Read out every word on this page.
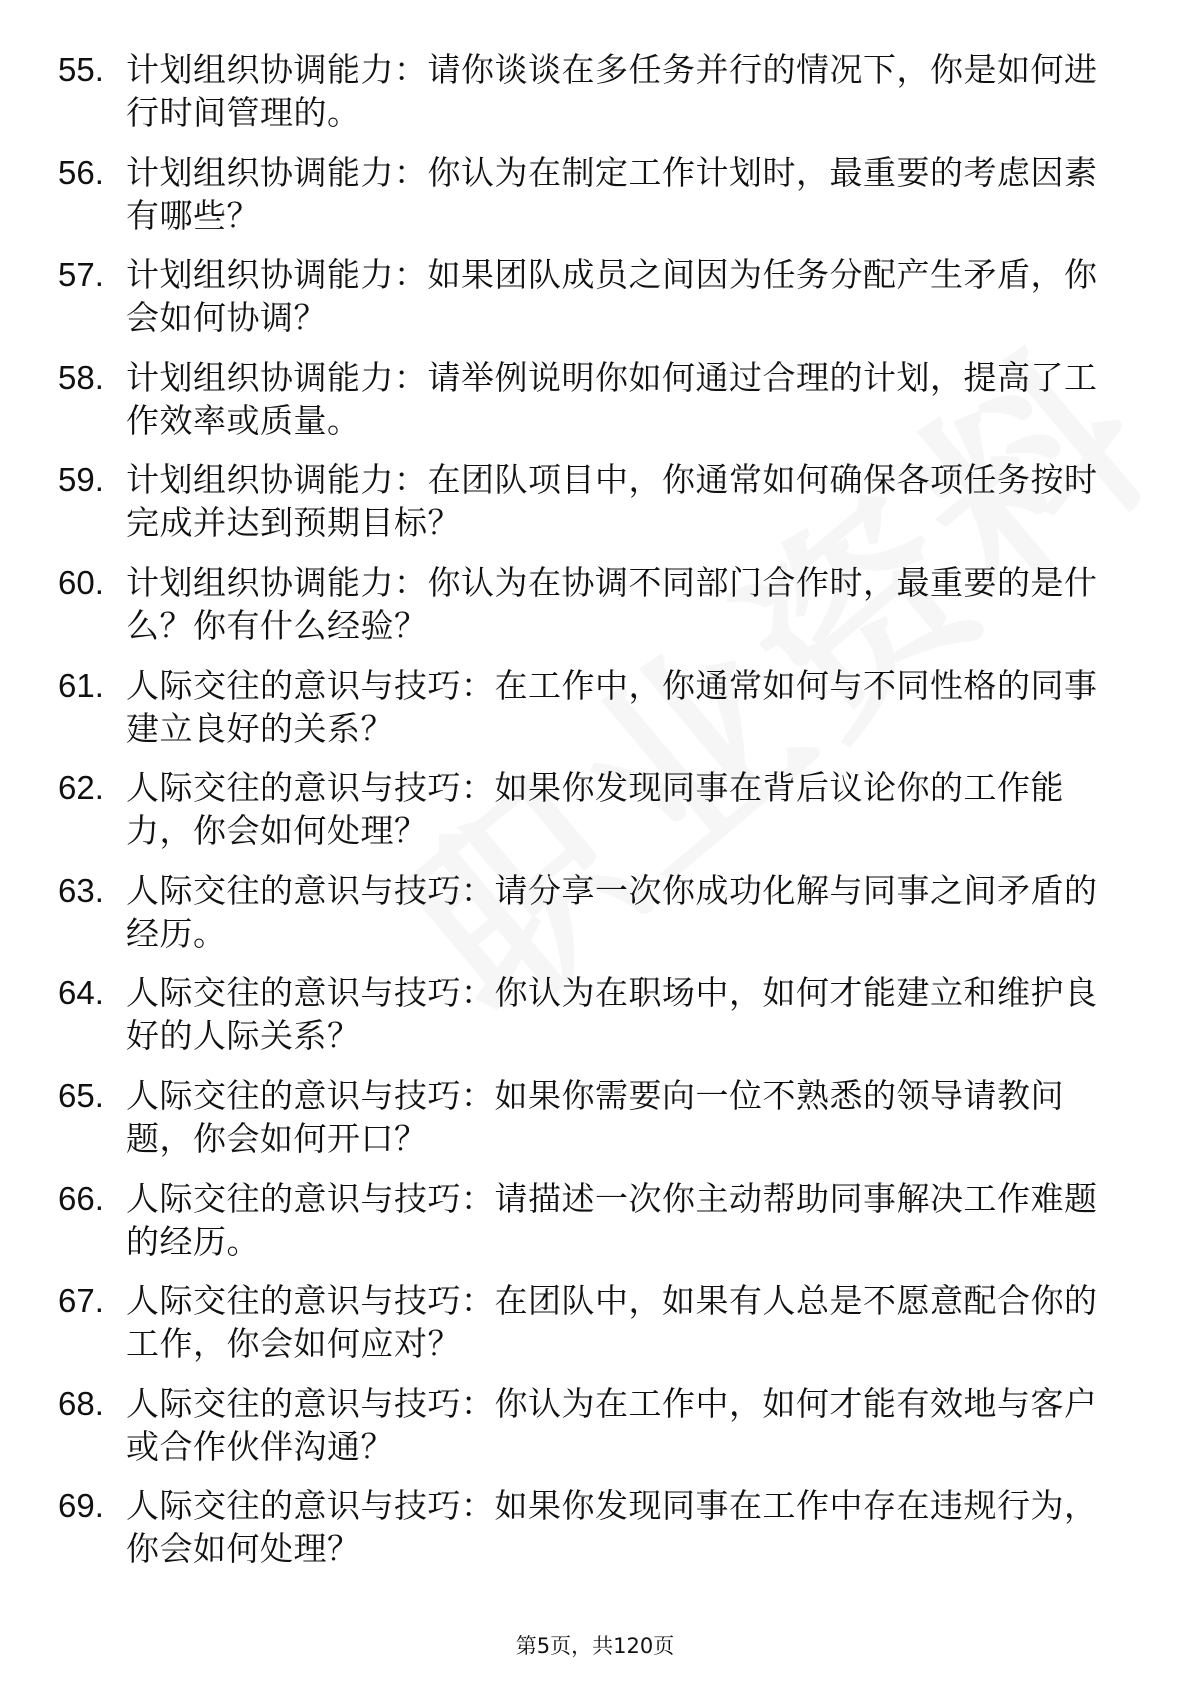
55. 计划组织协调能力：请你谈谈在多任务并行的情况下，你是如何进行时间管理的。
56. 计划组织协调能力：你认为在制定工作计划时，最重要的考虑因素有哪些？
57. 计划组织协调能力：如果团队成员之间因为任务分配产生矛盾，你会如何协调？
58. 计划组织协调能力：请举例说明你如何通过合理的计划，提高了工作效率或质量。
59. 计划组织协调能力：在团队项目中，你通常如何确保各项任务按时完成并达到预期目标？
60. 计划组织协调能力：你认为在协调不同部门合作时，最重要的是什么？你有什么经验？
61. 人际交往的意识与技巧：在工作中，你通常如何与不同性格的同事建立良好的关系？
62. 人际交往的意识与技巧：如果你发现同事在背后议论你的工作能力，你会如何处理？
63. 人际交往的意识与技巧：请分享一次你成功化解与同事之间矛盾的经历。
64. 人际交往的意识与技巧：你认为在职场中，如何才能建立和维护良好的人际关系？
65. 人际交往的意识与技巧：如果你需要向一位不熟悉的领导请教问题，你会如何开口？
66. 人际交往的意识与技巧：请描述一次你主动帮助同事解决工作难题的经历。
67. 人际交往的意识与技巧：在团队中，如果有人总是不愿意配合你的工作，你会如何应对？
68. 人际交往的意识与技巧：你认为在工作中，如何才能有效地与客户或合作伙伴沟通？
69. 人际交往的意识与技巧：如果你发现同事在工作中存在违规行为，你会如何处理？
第5页，共120页
